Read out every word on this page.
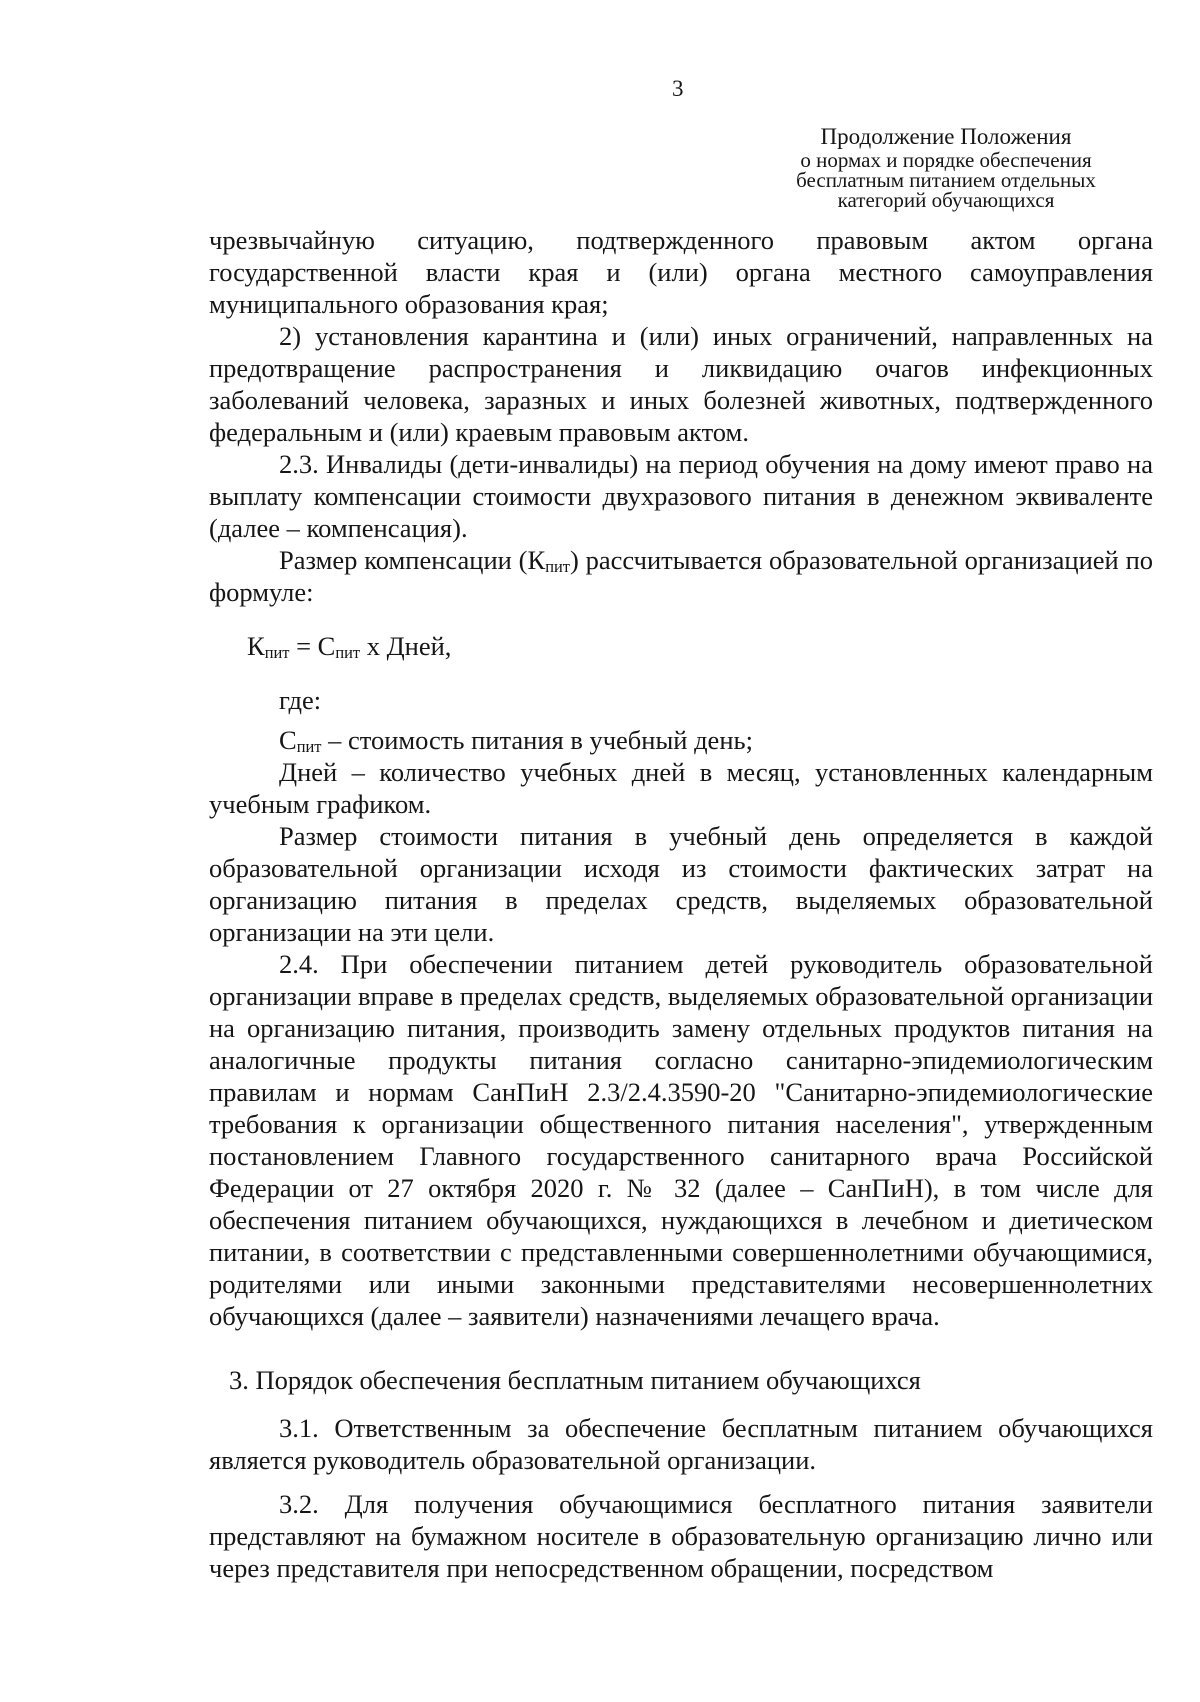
3
Продолжение Положения
о нормах и порядке обеспечения
бесплатным питанием отдельных
категорий обучающихся

чрезвычайную ситуацию, подтвержденного правовым актом органа государственной власти края и (или) органа местного самоуправления муниципального образования края;

2) установления карантина и (или) иных ограничений, направленных на предотвращение распространения и ликвидацию очагов инфекционных заболеваний человека, заразных и иных болезней животных, подтвержденного федеральным и (или) краевым правовым актом.

2.3. Инвалиды (дети-инвалиды) на период обучения на дому имеют право на выплату компенсации стоимости двухразового питания в денежном эквиваленте (далее – компенсация).

Размер компенсации $(К_{пит})$ рассчитывается образовательной организацией по формуле:

$К_{пит} = С_{пит}$ х Дней,

где:

$С_{пит}$ – стоимость питания в учебный день;

Дней – количество учебных дней в месяц, установленных календарным учебным графиком.

Размер стоимости питания в учебный день определяется в каждой образовательной организации исходя из стоимости фактических затрат на организацию питания в пределах средств, выделяемых образовательной организации на эти цели.

2.4. При обеспечении питанием детей руководитель образовательной организации вправе в пределах средств, выделяемых образовательной организации на организацию питания, производить замену отдельных продуктов питания на аналогичные продукты питания согласно санитарно-эпидемиологическим правилам и нормам СанПиН 2.3/2.4.3590-20 "Санитарно-эпидемиологические требования к организации общественного питания населения", утвержденным постановлением Главного государственного санитарного врача Российской Федерации от 27 октября 2020 г. № 32 (далее – СанПиН), в том числе для обеспечения питанием обучающихся, нуждающихся в лечебном и диетическом питании, в соответствии с представленными совершеннолетними обучающимися, родителями или иными законными представителями несовершеннолетних обучающихся (далее – заявители) назначениями лечащего врача.

3. Порядок обеспечения бесплатным питанием обучающихся

3.1. Ответственным за обеспечение бесплатным питанием обучающихся является руководитель образовательной организации.

3.2. Для получения обучающимися бесплатного питания заявители представляют на бумажном носителе в образовательную организацию лично или через представителя при непосредственном обращении, посредством
